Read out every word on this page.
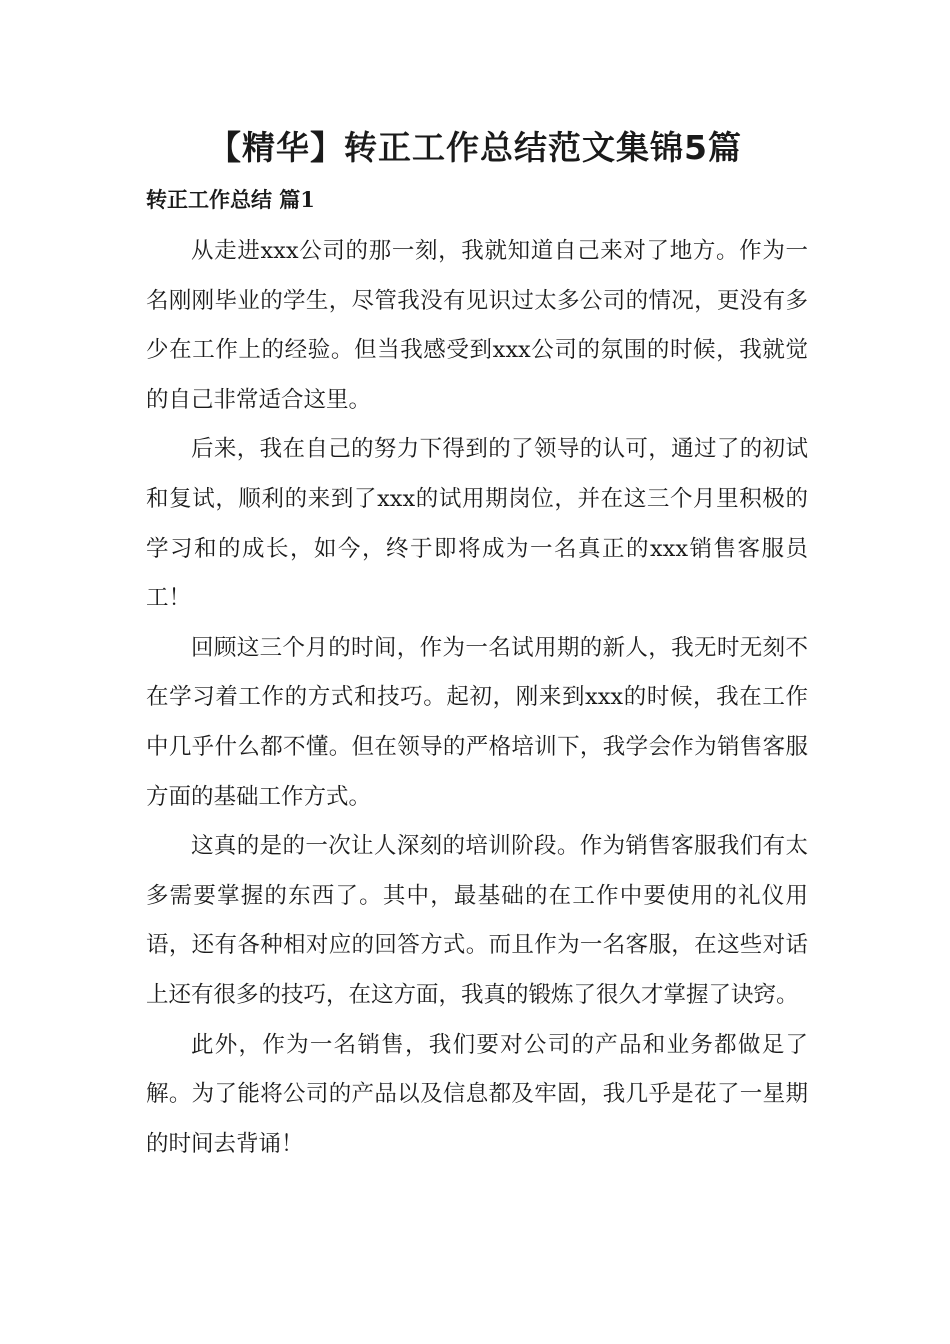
【精华】转正工作总结范文集锦5篇
转正工作总结 篇1

从走进xxx公司的那一刻，我就知道自己来对了地方。作为一名刚刚毕业的学生，尽管我没有见识过太多公司的情况，更没有多少在工作上的经验。但当我感受到xxx公司的氛围的时候，我就觉的自己非常适合这里。

后来，我在自己的努力下得到的了领导的认可，通过了的初试和复试，顺利的来到了xxx的试用期岗位，并在这三个月里积极的学习和的成长，如今，终于即将成为一名真正的xxx销售客服员工！

回顾这三个月的时间，作为一名试用期的新人，我无时无刻不在学习着工作的方式和技巧。起初，刚来到xxx的时候，我在工作中几乎什么都不懂。但在领导的严格培训下，我学会作为销售客服方面的基础工作方式。

这真的是的一次让人深刻的培训阶段。作为销售客服我们有太多需要掌握的东西了。其中，最基础的在工作中要使用的礼仪用语，还有各种相对应的回答方式。而且作为一名客服，在这些对话上还有很多的技巧，在这方面，我真的锻炼了很久才掌握了诀窍。

此外，作为一名销售，我们要对公司的产品和业务都做足了解。为了能将公司的产品以及信息都及牢固，我几乎是花了一星期的时间去背诵！
